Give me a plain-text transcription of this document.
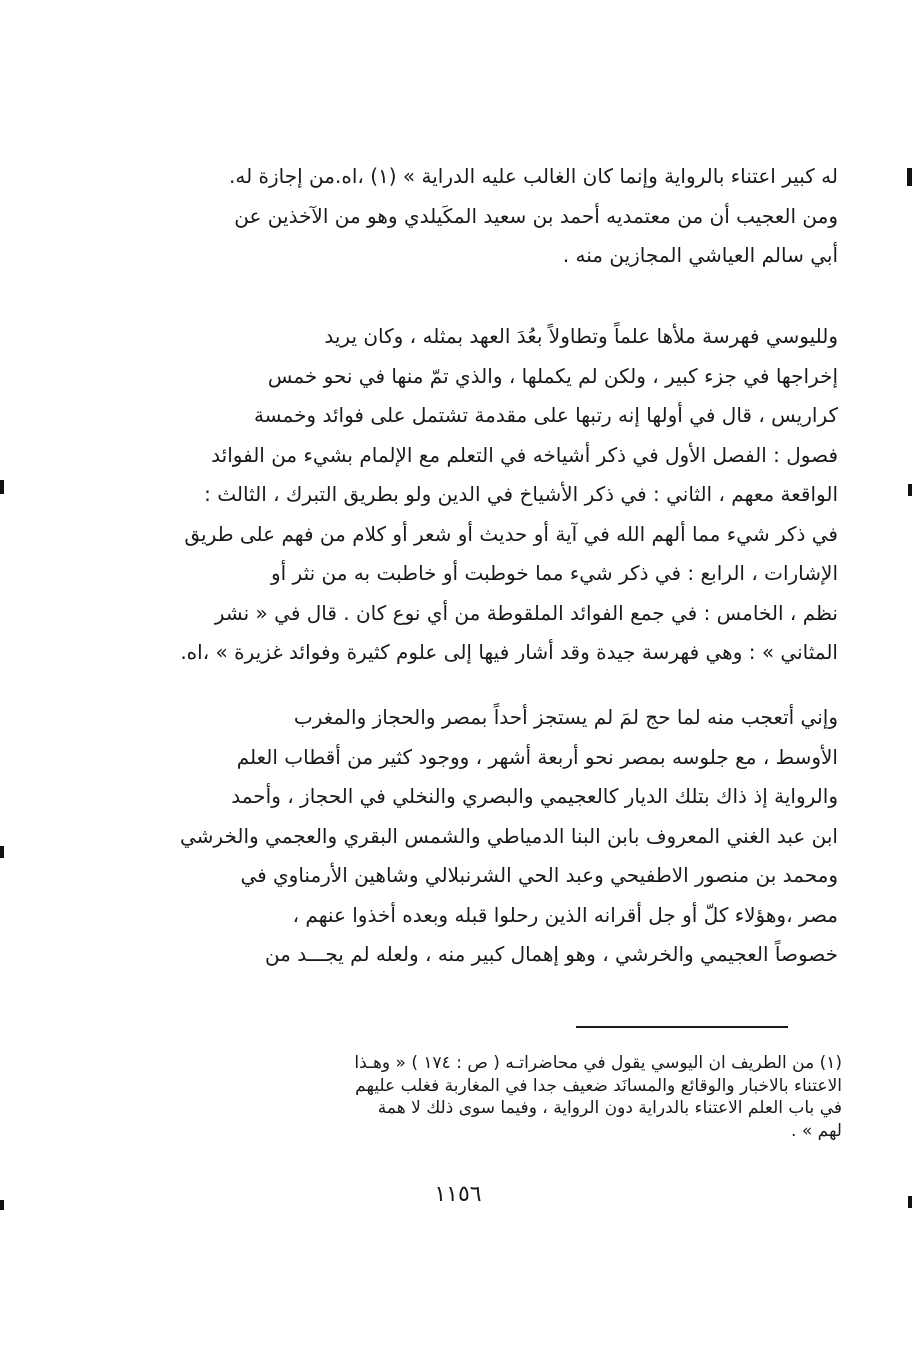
له كبير اعتناء بالرواية وإنما كان الغالب عليه الدراية » (١) ،اه.من إجازة له.
ومن العجيب أن من معتمديه أحمد بن سعيد المكَيلدي وهو من الآخذين عن
أبي سالم العياشي المجازين منه .
ولليوسي فهرسة ملأها علماً وتطاولاً بعُدَ العهد بمثله ، وكان يريد
إخراجها في جزء كبير ، ولكن لم يكملها ، والذي تمّ منها في نحو خمس
كراريس ، قال في أولها إنه رتبها على مقدمة تشتمل على فوائد وخمسة
فصول : الفصل الأول في ذكر أشياخه في التعلم مع الإلمام بشيء من الفوائد
الواقعة معهم ، الثاني : في ذكر الأشياخ في الدين ولو بطريق التبرك ، الثالث :
في ذكر شيء مما ألهم الله في آية أو حديث أو شعر أو كلام من فهم على طريق
الإشارات ، الرابع : في ذكر شيء مما خوطبت أو خاطبت به من نثر أو
نظم ، الخامس : في جمع الفوائد الملقوطة من أي نوع كان . قال في « نشر
المثاني » : وهي فهرسة جيدة وقد أشار فيها إلى علوم كثيرة وفوائد غزيرة » ،اه.
وإني أتعجب منه لما حج لمَ لم يستجز أحداً بمصر والحجاز والمغرب
الأوسط ، مع جلوسه بمصر نحو أربعة أشهر ، ووجود كثير من أقطاب العلم
والرواية إذ ذاك بتلك الديار كالعجيمي والبصري والنخلي في الحجاز ، وأحمد
ابن عبد الغني المعروف بابن البنا الدمياطي والشمس البقري والعجمي والخرشي
ومحمد بن منصور الاطفيحي وعبد الحي الشرنبلالي وشاهين الأرمناوي في
مصر ،وهؤلاء كلّ أو جل أقرانه الذين رحلوا قبله وبعده أخذوا عنهم ،
خصوصاً العجيمي والخرشي ، وهو إهمال كبير منه ، ولعله لم يجـــد من
(١) من الطريف ان اليوسي يقول في محاضراتـه ( ص : ١٧٤ ) « وهـذا
الاعتناء بالاخبار والوقائع والمسانَد ضعيف جدا في المغاربة فغلب عليهم
في باب العلم الاعتناء بالدراية دون الرواية ، وفيما سوى ذلك لا همة
لهم » .
١١٥٦
